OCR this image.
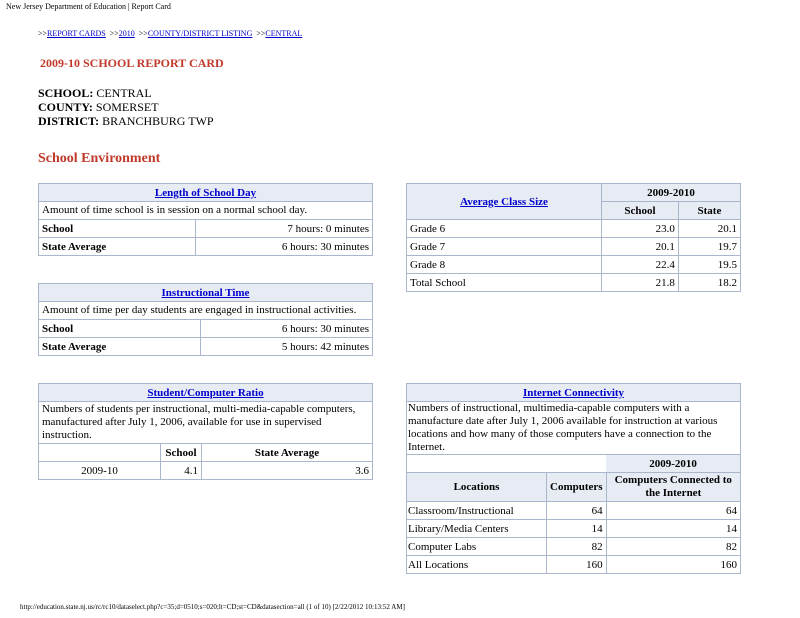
New Jersey Department of Education | Report Card
>>REPORT CARDS >>2010 >>COUNTY/DISTRICT LISTING >>CENTRAL
2009-10 SCHOOL REPORT CARD
SCHOOL: CENTRAL
COUNTY: SOMERSET
DISTRICT: BRANCHBURG TWP
School Environment
Length of School Day	
Amount of time school is in session on a normal school day.	
School	7 hours: 0 minutes
State Average	6 hours: 30 minutes
Instructional Time	
Amount of time per day students are engaged in instructional activities.	
School	6 hours: 30 minutes
State Average	5 hours: 42 minutes
Student/Computer Ratio		
Numbers of students per instructional, multi-media-capable computers, manufactured after July 1, 2006, available for use in supervised instruction.		
	School	State Average
2009-10	4.1	3.6
Average Class Size	2009-2010	
	School	State
Grade 6	23.0	20.1
Grade 7	20.1	19.7
Grade 8	22.4	19.5
Total School	21.8	18.2
Internet Connectivity		
Numbers of instructional, multimedia-capable computers with a manufacture date after July 1, 2006 available for instruction at various locations and how many of those computers have a connection to the Internet.		
		2009-2010
Locations	Computers	Computers Connected to the Internet
Classroom/Instructional	64	64
Library/Media Centers	14	14
Computer Labs	82	82
All Locations	160	160
http://education.state.nj.us/rc/rc10/dataselect.php?c=35;d=0510;s=020;lt=CD;st=CD&datasection=all (1 of 10) [2/22/2012 10:13:52 AM]
